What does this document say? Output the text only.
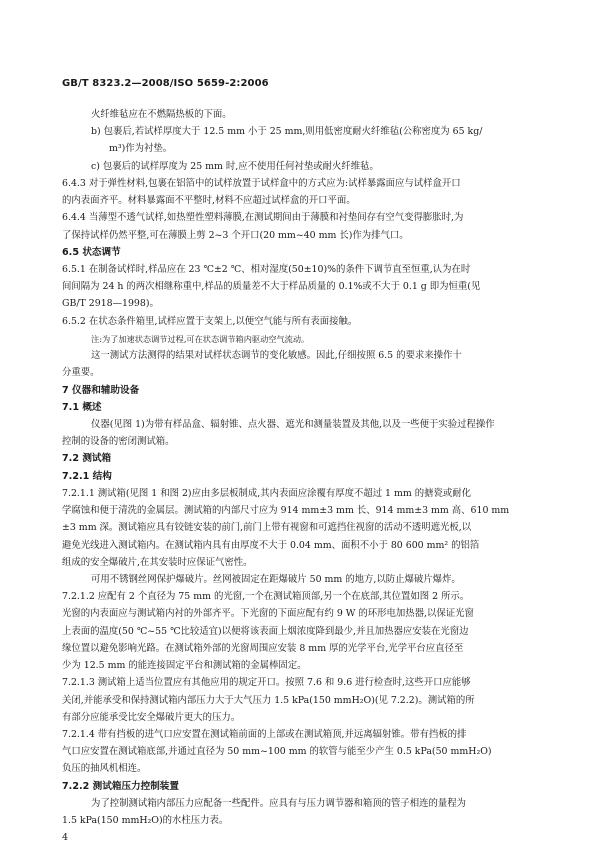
GB/T 8323.2—2008/ISO 5659-2:2006
火纤维毡应在不燃隔热板的下面。
b) 包裹后,若试样厚度大于 12.5 mm 小于 25 mm,则用低密度耐火纤维毡(公称密度为 65 kg/
m³)作为衬垫。
c) 包裹后的试样厚度为 25 mm 时,应不使用任何衬垫或耐火纤维毡。
6.4.3 对于弹性材料,包裹在铝箔中的试样放置于试样盒中的方式应为:试样暴露面应与试样盒开口
的内表面齐平。材料暴露面不平整时,材料不应超过试样盒的开口平面。
6.4.4 当薄型不透气试样,如热塑性塑料薄膜,在测试期间由于薄膜和衬垫间存有空气变得膨胀时,为
了保持试样仍然平整,可在薄膜上剪 2~3 个开口(20 mm~40 mm 长)作为排气口。
6.5 状态调节
6.5.1 在制备试样时,样品应在 23 ℃±2 ℃、相对湿度(50±10)%的条件下调节直至恒重,认为在时
间间隔为 24 h 的两次相继称重中,样品的质量差不大于样品质量的 0.1%或不大于 0.1 g 即为恒重(见
GB/T 2918—1998)。
6.5.2 在状态条件箱里,试样应置于支架上,以便空气能与所有表面接触。
注:为了加速状态调节过程,可在状态调节箱内驱动空气流动。
这一测试方法测得的结果对试样状态调节的变化敏感。因此,仔细按照 6.5 的要求来操作十
分重要。
7 仪器和辅助设备
7.1 概述
仪器(见图 1)为带有样品盒、辐射锥、点火器、遮光和测量装置及其他,以及一些便于实验过程操作
控制的设备的密闭测试箱。
7.2 测试箱
7.2.1 结构
7.2.1.1 测试箱(见图 1 和图 2)应由多层板制成,其内表面应涂覆有厚度不超过 1 mm 的搪瓷或耐化
学腐蚀和便于清洗的金属层。测试箱的内部尺寸应为 914 mm±3 mm 长、914 mm±3 mm 高、610 mm
±3 mm 深。测试箱应具有铰链安装的前门,前门上带有视窗和可遮挡住视窗的活动不透明遮光板,以
避免光线进入测试箱内。在测试箱内具有由厚度不大于 0.04 mm、面积不小于 80 600 mm² 的铝箔
组成的安全爆破片,在其安装时应保证气密性。
可用不锈钢丝网保护爆破片。丝网被固定在距爆破片 50 mm 的地方,以防止爆破片爆炸。
7.2.1.2 应配有 2 个直径为 75 mm 的光窗,一个在测试箱顶部,另一个在底部,其位置如图 2 所示。
光窗的内表面应与测试箱内衬的外部齐平。下光窗的下面应配有约 9 W 的环形电加热器,以保证光窗
上表面的温度(50 ℃~55 ℃比较适宜)以便将该表面上烟浓度降到最少,并且加热器应安装在光窗边
缘位置以避免影响光路。在测试箱外部的光窗周围应安装 8 mm 厚的光学平台,光学平台应直径至
少为 12.5 mm 的能连接固定平台和测试箱的金属棒固定。
7.2.1.3 测试箱上适当位置应有其他应用的规定开口。按照 7.6 和 9.6 进行检查时,这些开口应能够
关闭,并能承受和保持测试箱内部压力大于大气压力 1.5 kPa(150 mmH₂O)(见 7.2.2)。测试箱的所
有部分应能承受比安全爆破片更大的压力。
7.2.1.4 带有挡板的进气口应安置在测试箱前面的上部或在测试箱顶,并远离辐射锥。带有挡板的排
气口应安置在测试箱底部,并通过直径为 50 mm~100 mm 的软管与能至少产生 0.5 kPa(50 mmH₂O)
负压的抽风机相连。
7.2.2 测试箱压力控制装置
为了控制测试箱内部压力应配备一些配件。应具有与压力调节器和箱顶的管子相连的量程为
1.5 kPa(150 mmH₂O)的水柱压力表。
4
